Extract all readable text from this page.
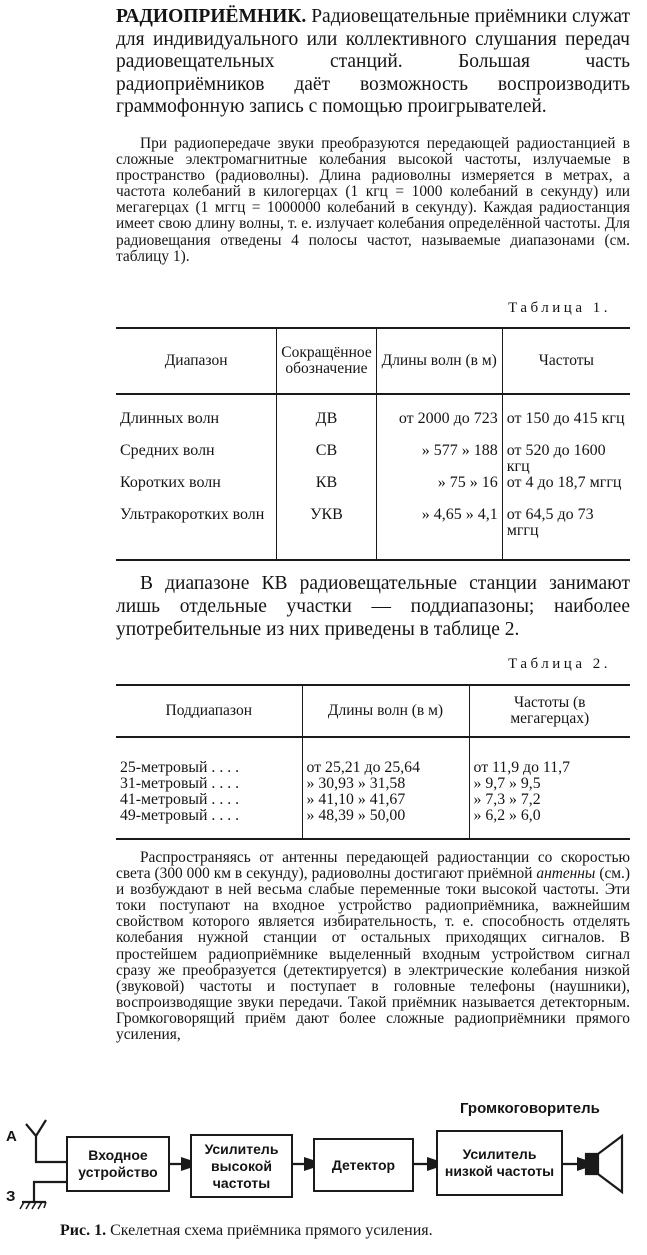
РАДИОПРИЁМНИК. Радиовещательные приёмники служат для индивидуального или коллективного слушания передач радиовещательных станций. Большая часть радиоприёмников даёт возможность воспроизводить граммофонную запись с помощью проигрывателей.
При радиопередаче звуки преобразуются передающей радиостанцией в сложные электромагнитные колебания высокой частоты, излучаемые в пространство (радиоволны). Длина радиоволны измеряется в метрах, а частота колебаний в килогерцах (1 кгц = 1000 колебаний в секунду) или мегагерцах (1 мггц = 1000000 колебаний в секунду). Каждая радиостанция имеет свою длину волны, т. е. излучает колебания определённой частоты. Для радиовещания отведены 4 полосы частот, называемые диапазонами (см. таблицу 1).
Таблица 1.
Диапазон	Сокращённое обозначение	Длины волн (в м)	Частоты
Длинных волн	ДВ	от 2000 до 723	от 150 до 415 кгц
Средних волн	СВ	» 577 » 188	от 520 до 1600 кгц
Коротких волн	КВ	» 75 » 16	от 4 до 18,7 мггц
Ультракоротких волн	УКВ	» 4,65 » 4,1	от 64,5 до 73 мггц
В диапазоне КВ радиовещательные станции занимают лишь отдельные участки — поддиапазоны; наиболее употребительные из них приведены в таблице 2.
Таблица 2.
Поддиапазон	Длины волн (в м)	Частоты (в мегагерцах)
25-метровый . . . .	от 25,21 до 25,64	от 11,9 до 11,7
31-метровый . . . .	» 30,93 » 31,58	» 9,7 » 9,5
41-метровый . . . .	» 41,10 » 41,67	» 7,3 » 7,2
49-метровый . . . .	» 48,39 » 50,00	» 6,2 » 6,0
Распространяясь от антенны передающей радиостанции со скоростью света (300 000 км в секунду), радиоволны достигают приёмной антенны (см.) и возбуждают в ней весьма слабые переменные токи высокой частоты. Эти токи поступают на входное устройство радиоприёмника, важнейшим свойством которого является избирательность, т. е. способность отделять колебания нужной станции от остальных приходящих сигналов. В простейшем радиоприёмнике выделенный входным устройством сигнал сразу же преобразуется (детектируется) в электрические колебания низкой (звуковой) частоты и поступает в головные телефоны (наушники), воспроизводящие звуки передачи. Такой приёмник называется детекторным. Громкоговорящий приём дают более сложные радиоприёмники прямого усиления,
А
З
Громкоговоритель
Входное устройство
Усилитель высокой частоты
Детектор
Усилитель низкой частоты
Рис. 1. Скелетная схема приёмника прямого усиления.
